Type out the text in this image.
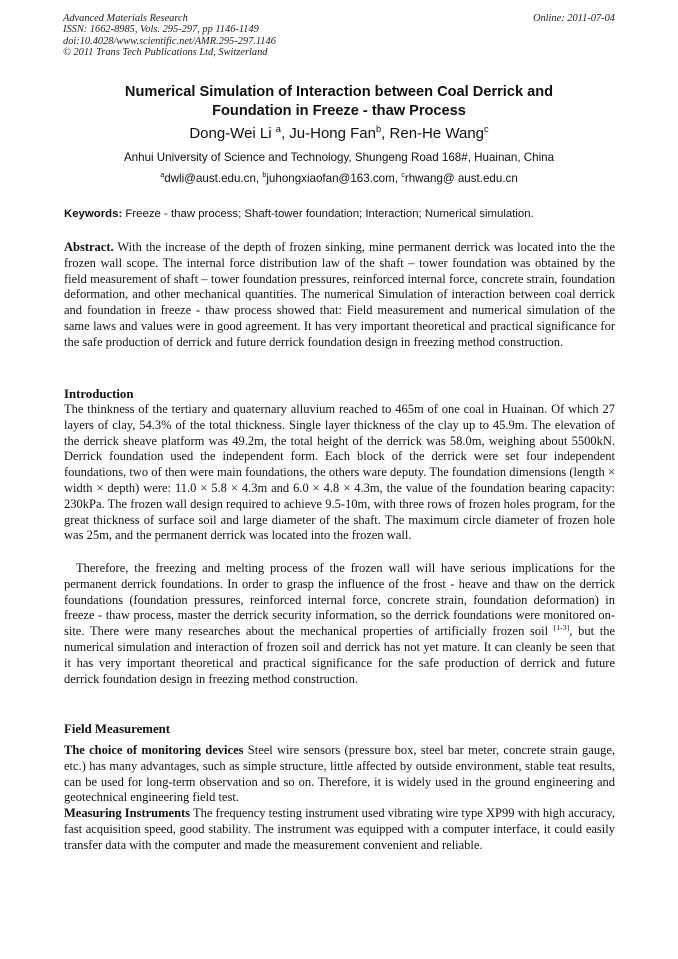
Advanced Materials Research
ISSN: 1662-8985, Vols. 295-297, pp 1146-1149
doi:10.4028/www.scientific.net/AMR.295-297.1146
© 2011 Trans Tech Publications Ltd, Switzerland
Online: 2011-07-04
Numerical Simulation of Interaction between Coal Derrick and
Foundation in Freeze - thaw Process
Dong-Wei Li $^a$, Ju-Hong Fan$^b$, Ren-He Wang$^c$
Anhui University of Science and Technology, Shungeng Road 168#, Huainan, China
$^a$dwli@aust.edu.cn, $^b$juhongxiaofan@163.com, $^c$rhwang@ aust.edu.cn
Keywords: Freeze - thaw process; Shaft-tower foundation; Interaction; Numerical simulation.
Abstract. With the increase of the depth of frozen sinking, mine permanent derrick was located into the the frozen wall scope. The internal force distribution law of the shaft – tower foundation was obtained by the field measurement of shaft – tower foundation pressures, reinforced internal force, concrete strain, foundation deformation, and other mechanical quantities. The numerical Simulation of interaction between coal derrick and foundation in freeze - thaw process showed that: Field measurement and numerical simulation of the same laws and values were in good agreement. It has very important theoretical and practical significance for the safe production of derrick and future derrick foundation design in freezing method construction.
Introduction
The thinkness of the tertiary and quaternary alluvium reached to 465m of one coal in Huainan. Of which 27 layers of clay, 54.3% of the total thickness. Single layer thickness of the clay up to 45.9m. The elevation of the derrick sheave platform was 49.2m, the total height of the derrick was 58.0m, weighing about 5500kN. Derrick foundation used the independent form. Each block of the derrick were set four independent foundations, two of then were main foundations, the others ware deputy. The foundation dimensions (length × width × depth) were: 11.0 × 5.8 × 4.3m and 6.0 × 4.8 × 4.3m, the value of the foundation bearing capacity: 230kPa. The frozen wall design required to achieve 9.5-10m, with three rows of frozen holes program, for the great thickness of surface soil and large diameter of the shaft. The maximum circle diameter of frozen hole was 25m, and the permanent derrick was located into the frozen wall.
Therefore, the freezing and melting process of the frozen wall will have serious implications for the permanent derrick foundations. In order to grasp the influence of the frost - heave and thaw on the derrick foundations (foundation pressures, reinforced internal force, concrete strain, foundation deformation) in freeze - thaw process, master the derrick security information, so the derrick foundations were monitored on-site. There were many researches about the mechanical properties of artificially frozen soil [1-3], but the numerical simulation and interaction of frozen soil and derrick has not yet mature. It can cleanly be seen that it has very important theoretical and practical significance for the safe production of derrick and future derrick foundation design in freezing method construction.
Field Measurement
The choice of monitoring devices Steel wire sensors (pressure box, steel bar meter, concrete strain gauge, etc.) has many advantages, such as simple structure, little affected by outside environment, stable teat results, can be used for long-term observation and so on. Therefore, it is widely used in the ground engineering and geotechnical engineering field test.
Measuring Instruments The frequency testing instrument used vibrating wire type XP99 with high accuracy, fast acquisition speed, good stability. The instrument was equipped with a computer interface, it could easily transfer data with the computer and made the measurement convenient and reliable.
